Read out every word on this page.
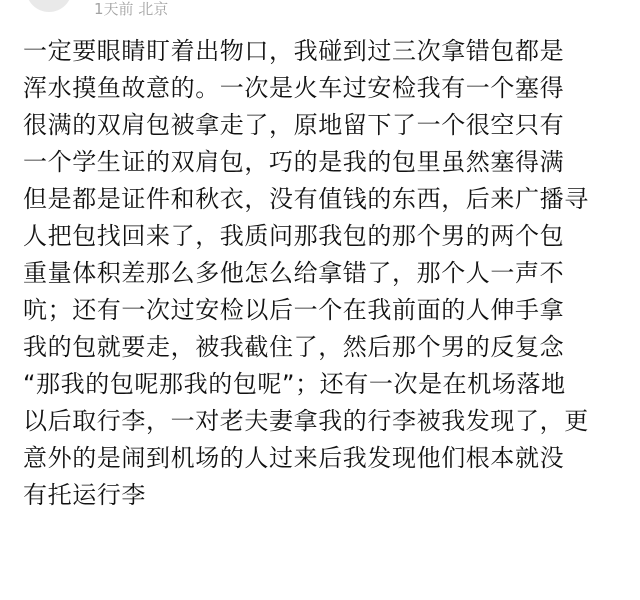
1天前 北京
一定要眼睛盯着出物口，我碰到过三次拿错包都是
浑水摸鱼故意的。一次是火车过安检我有一个塞得
很满的双肩包被拿走了，原地留下了一个很空只有
一个学生证的双肩包，巧的是我的包里虽然塞得满
但是都是证件和秋衣，没有值钱的东西，后来广播寻
人把包找回来了，我质问那我包的那个男的两个包
重量体积差那么多他怎么给拿错了，那个人一声不
吭；还有一次过安检以后一个在我前面的人伸手拿
我的包就要走，被我截住了，然后那个男的反复念
“那我的包呢那我的包呢”；还有一次是在机场落地
以后取行李，一对老夫妻拿我的行李被我发现了，更
意外的是闹到机场的人过来后我发现他们根本就没
有托运行李
